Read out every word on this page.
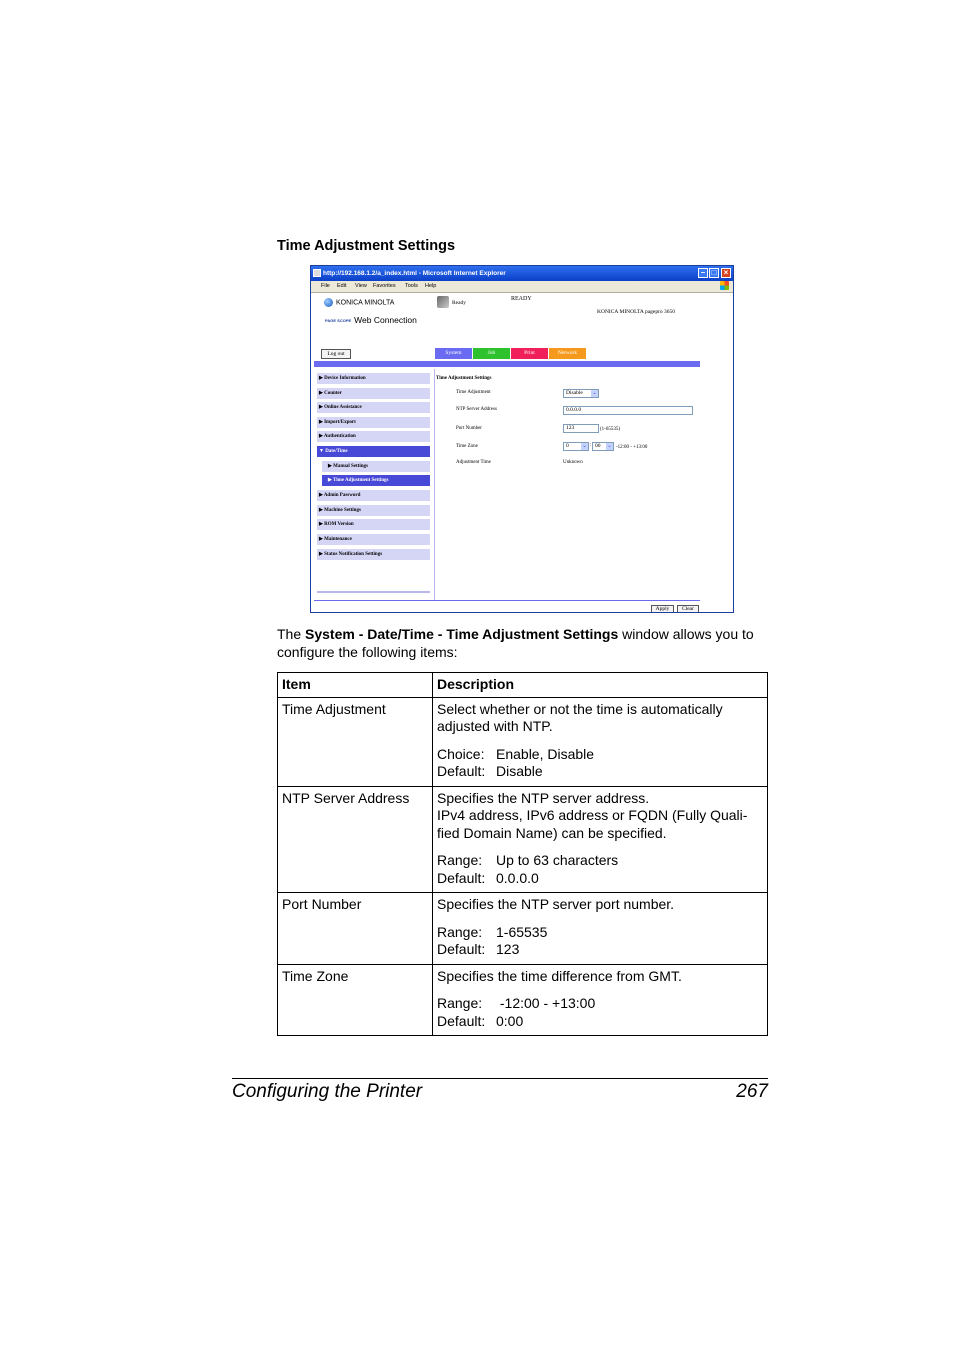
Time Adjustment Settings
http://192.168.1.2/a_index.html - Microsoft Internet Explorer	– □ ×
File Edit View Favorites Tools Help
KONICA MINOLTA
PAGE SCOPE Web Connection
Ready
READY
KONICA MINOLTA pagepro 3650
Log out	System	Job	Print	Network
▶ Device Information
▶ Counter
▶ Online Assistance
▶ Import/Export
▶ Authentication
▼ Date/Time
▶ Manual Settings
▶ Time Adjustment Settings
▶ Admin Password
▶ Machine Settings
▶ ROM Version
▶ Maintenance
▶ Status Notification Settings
Time Adjustment Settings
Time Adjustment	Disable ⌄
NTP Server Address	0.0.0.0
Port Number	123	(1-65535)
Time Zone	0	⌄ : 00 ⌄ -12:00 - +13:00
Adjustment Time	Unknown
Apply	Clear
The System - Date/Time - Time Adjustment Settings window allows you to configure the following items:
Item	Description
Time Adjustment	Select whether or not the time is automatically adjusted with NTP.

Choice: Enable, Disable
Default: Disable

NTP Server Address	Specifies the NTP server address.

IPv4 address, IPv6 address or FQDN (Fully Quali-fied Domain Name) can be specified.

Range: Up to 63 characters
Default: 0.0.0.0

Port Number	Specifies the NTP server port number.

Range: 1-65535
Default: 123

Time Zone	Specifies the time difference from GMT.

Range: -12:00 - +13:00
Default: 0:00

Configuring the Printer	267
